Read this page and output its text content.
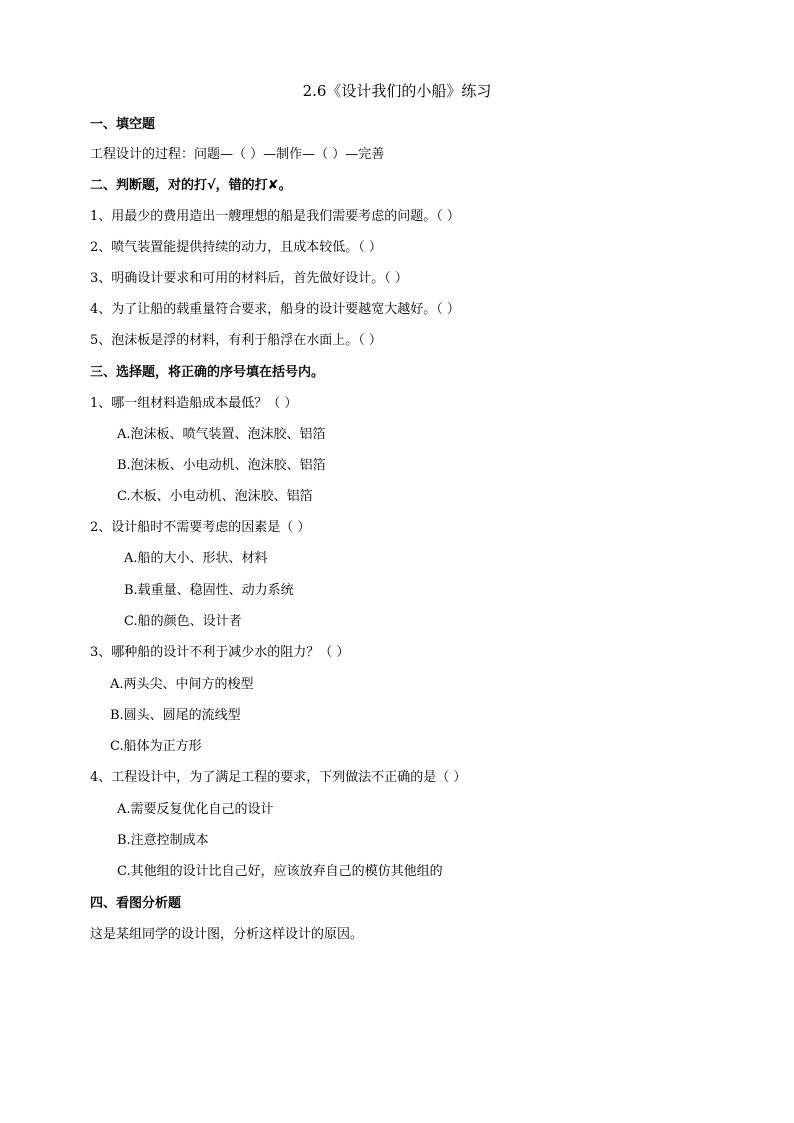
2.6《设计我们的小船》练习
一、填空题
工程设计的过程：问题—（ ）—制作—（ ）—完善
二、判断题，对的打√，错的打✘。
1、用最少的费用造出一艘理想的船是我们需要考虑的问题。（ ）
2、喷气装置能提供持续的动力，且成本较低。（ ）
3、明确设计要求和可用的材料后，首先做好设计。（ ）
4、为了让船的载重量符合要求，船身的设计要越宽大越好。（ ）
5、泡沫板是浮的材料，有利于船浮在水面上。（ ）
三、选择题，将正确的序号填在括号内。
1、哪一组材料造船成本最低？（ ）
A.泡沫板、喷气装置、泡沫胶、铝箔
B.泡沫板、小电动机、泡沫胶、铝箔
C.木板、小电动机、泡沫胶、铝箔
2、设计船时不需要考虑的因素是（ ）
A.船的大小、形状、材料
B.载重量、稳固性、动力系统
C.船的颜色、设计者
3、哪种船的设计不利于减少水的阻力？（ ）
A.两头尖、中间方的梭型
B.圆头、圆尾的流线型
C.船体为正方形
4、工程设计中，为了满足工程的要求，下列做法不正确的是（ ）
A.需要反复优化自己的设计
B.注意控制成本
C.其他组的设计比自己好，应该放弃自己的模仿其他组的
四、看图分析题
这是某组同学的设计图，分析这样设计的原因。
